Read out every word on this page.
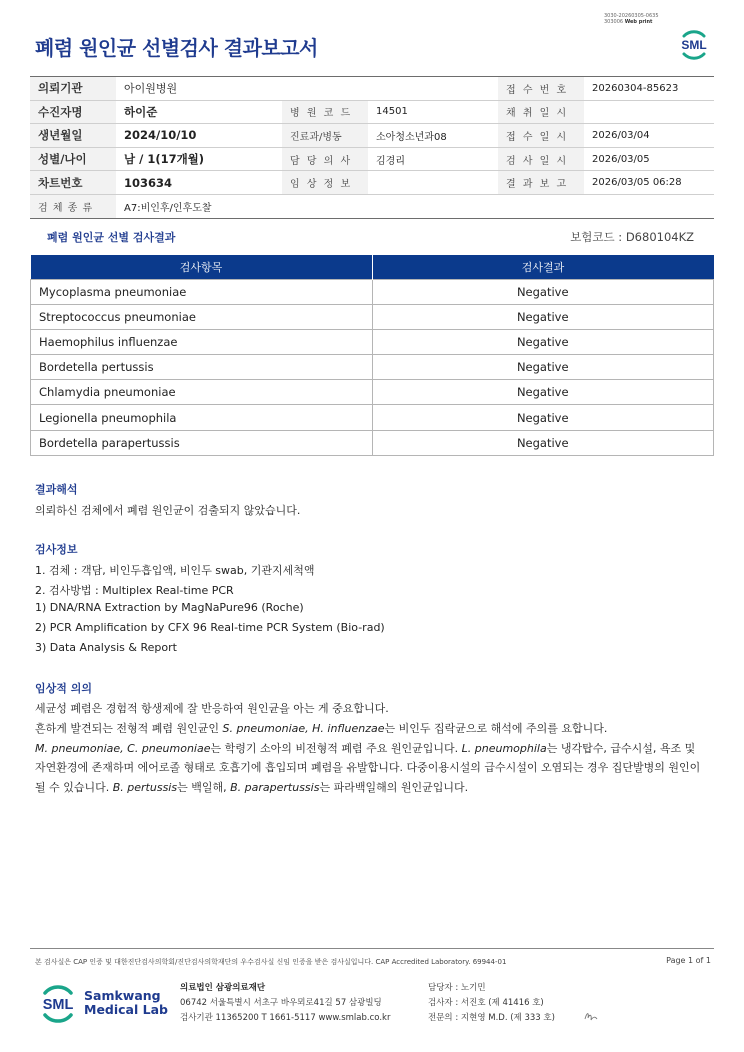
3030-20260305-0635
303006 Web print
폐렴 원인균 선별검사 결과보고서	SML
의뢰기관	아이원병원			접 수 번 호	20260304-85623
수진자명	하이준	병 원 코 드	14501	채 취 일 시	
생년월일	2024/10/10	진료과/병동	소아청소년과08	접 수 일 시	2026/03/04
성별/나이	남 / 1(17개월)	담 당 의 사	김경리	검 사 일 시	2026/03/05
차트번호	103634	임 상 정 보		결 과 보 고	2026/03/05 06:28
검 체 종 류	A7:비인후/인후도찰				
폐렴 원인균 선별 검사결과	보험코드 : D680104KZ
검사항목	검사결과
Mycoplasma pneumoniae	Negative
Streptococcus pneumoniae	Negative
Haemophilus influenzae	Negative
Bordetella pertussis	Negative
Chlamydia pneumoniae	Negative
Legionella pneumophila	Negative
Bordetella parapertussis	Negative
결과해석
의뢰하신 검체에서 폐렴 원인균이 검출되지 않았습니다.
검사정보
1. 검체 : 객담, 비인두흡입액, 비인두 swab, 기관지세척액
2. 검사방법 : Multiplex Real-time PCR
1) DNA/RNA Extraction by MagNaPure96 (Roche)
2) PCR Amplification by CFX 96 Real-time PCR System (Bio-rad)
3) Data Analysis & Report
임상적 의의
세균성 폐렴은 경험적 항생제에 잘 반응하여 원인균을 아는 게 중요합니다.
흔하게 발견되는 전형적 폐렴 원인균인 S. pneumoniae, H. influenzae는 비인두 집락균으로 해석에 주의를 요합니다.
M. pneumoniae, C. pneumoniae는 학령기 소아의 비전형적 폐렴 주요 원인균입니다. L. pneumophila는 냉각탑수, 급수시설, 욕조 및
자연환경에 존재하며 에어로졸 형태로 호흡기에 흡입되며 폐렴을 유발합니다. 다중이용시설의 급수시설이 오염되는 경우 집단발병의 원인이
될 수 있습니다. B. pertussis는 백일해, B. parapertussis는 파라백일해의 원인균입니다.
본 검사실은 CAP 인증 및 대한진단검사의학회/진단검사의학재단의 우수검사실 신임 인증을 받은 검사실입니다. CAP Accredited Laboratory. 69944-01	Page 1 of 1
SML
Samkwang
Medical Lab
의료법인 삼광의료재단
06742 서울특별시 서초구 바우뫼로41길 57 삼광빌딩
검사기관 11365200 T 1661-5117 www.smlab.co.kr
담당자 : 노기민
검사자 : 서진호 (제 41416 호)
전문의 : 지현영 M.D. (제 333 호)
